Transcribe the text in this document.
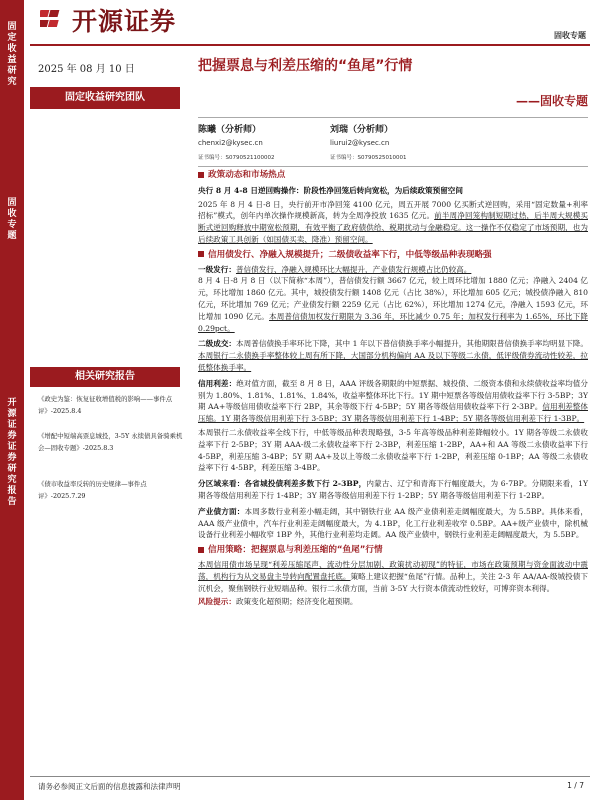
固定收益研究
固收专题
开源证券 证券研究报告
开源证券	固收专题
2025 年 08 月 10 日
固定收益研究团队
把握票息与利差压缩的“鱼尾”行情
——固收专题
陈曦（分析师）
chenxi2@kysec.cn
证书编号：S0790521100002
刘瑞（分析师）
liurui2@kysec.cn
证书编号：S0790525010001
政策动态和市场热点
央行 8 月 4-8 日逆回购操作：阶段性净回笼后转向宽松，为后续政策预留空间
2025 年 8 月 4 日-8 日，央行前开市净回笼 4100 亿元，周五开展 7000 亿买断式逆回购，采用“固定数量+利率招标”模式，创年内单次操作规模新高，转为全周净投放 1635 亿元。前半周净回笼构制短期过热，后半周大规模买断式逆回购释放中期宽松预期，有效平衡了政府债供给、税期扰动与金融稳定。这一操作不仅稳定了市场预期，也为后续政策工具创新（如国债买卖、降准）预留空间。
信用债发行、净融入规模提升；二级债收益率下行，中低等级品种表现略强
一级发行：普信债发行、净融入规模环比大幅提升，产业债发行规模占比仍较高。
8 月 4 日-8 月 8 日（以下简称“本周”），普信债发行额 3667 亿元，较上周环比增加 1880 亿元；净融入 2404 亿元，环比增加 1860 亿元。其中，城投债发行额 1408 亿元（占比 38%），环比增加 605 亿元；城投债净融入 810 亿元，环比增加 769 亿元；产业债发行额 2259 亿元（占比 62%），环比增加 1274 亿元，净融入 1593 亿元，环比增加 1090 亿元。本周普信债加权发行期限为 3.36 年，环比减少 0.75 年；加权发行利率为 1.65%，环比下降 0.29pct。
二级成交：本周普信债换手率环比下降，其中 1 年以下普信债换手率小幅提升，其他期限普信债换手率均明显下降。本周银行二永债换手率整体较上周有所下降，大国部分机构偏向 AA 及以下等级二永债，低评级债券流动性较差，拉低整体换手率。
信用利差：绝对值方面，截至 8 月 8 日，AAA 评级各期限的中短票据、城投债、二级资本债和永续债收益率均值分别为 1.80%、1.81%、1.81%、1.84%，收益率整体环比下行。1Y 期中短票各等级信用债收益率下行 3-5BP；3Y 期 AA+等级信用债收益率下行 2BP，其余等级下行 4-5BP；5Y 期各等级信用债收益率下行 2-3BP。信用利差整体压缩。1Y 期各等级信用利差下行 3-5BP；3Y 期各等级信用利差下行 1-4BP；5Y 期各等级信用利差下行 1-3BP。
本周银行二永债收益率全线下行，中低等级品种表现略强，3-5 年高等级品种利差降幅较小。1Y 期各等级二永债收益率下行 2-5BP；3Y 期 AAA-级二永债收益率下行 2-3BP，利差压缩 1-2BP，AA+和 AA 等级二永债收益率下行 4-5BP，利差压缩 3-4BP；5Y 期 AA+及以上等级二永债收益率下行 1-2BP，利差压缩 0-1BP；AA 等级二永债收益率下行 4-5BP，利差压缩 3-4BP。
分区域来看：各省城投债利差多数下行 2-3BP，内蒙古、辽宁和青海下行幅度最大，为 6-7BP。分期限来看，1Y 期各等级信用利差下行 1-4BP；3Y 期各等级信用利差下行 1-2BP；5Y 期各等级信用利差下行 1-2BP。
产业债方面：本周多数行业利差小幅走阔，其中钢铁行业 AA 级产业债利差走阔幅度最大，为 5.5BP。具体来看，AAA 级产业债中，汽车行业利差走阔幅度最大，为 4.1BP，化工行业利差收窄 0.5BP。AA+级产业债中，除机械设备行业利差小幅收窄 1BP 外，其他行业利差均走阔。AA 级产业债中，钢铁行业利差走阔幅度最大，为 5.5BP。
信用策略：把握票息与利差压缩的“鱼尾”行情
本周信用债市场呈现“利差压缩尾声、流动性分层加剧、政策扰动初现”的特征，市场在政策预期与资金面波动中震荡，机构行为从交易盘主导转向配置盘托底。策略上建议把握“鱼尾”行情。品种上，关注 2-3 年 AA/AA-级城投债下沉机会，聚焦钢铁行业短端品种。银行二永债方面，当前 3-5Y 大行资本债流动性较好，可博弈资本利得。
风险提示：政策变化超预期；经济变化超预期。
相关研究报告
《政史为鉴：恢复征收增值税的影响——事件点评》-2025.8.4
《增配中短端高票息城投，3-5Y 永续债具备骑乘机会—固收专题》-2025.8.3
《债市收益率反转的历史规律—事件点评》-2025.7.29
请务必参阅正文后面的信息披露和法律声明	1 / 7
